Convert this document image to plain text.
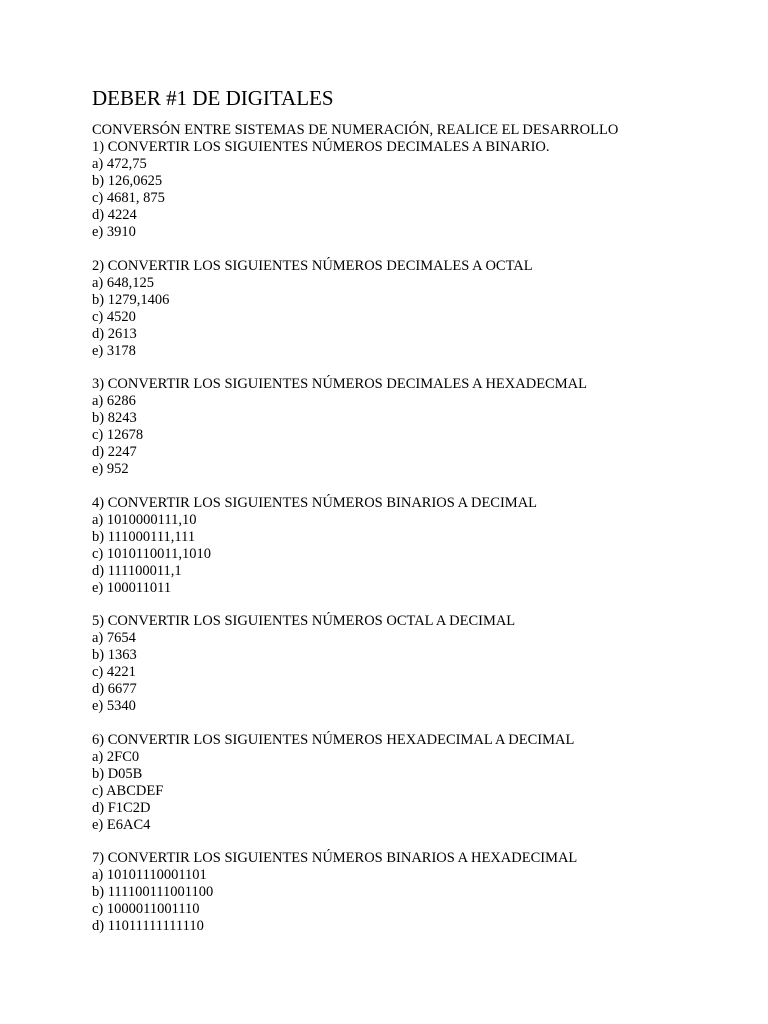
DEBER #1 DE DIGITALES
CONVERSÓN ENTRE SISTEMAS DE NUMERACIÓN, REALICE EL DESARROLLO
1) CONVERTIR LOS SIGUIENTES NÚMEROS DECIMALES A BINARIO.
a) 472,75
b) 126,0625
c) 4681, 875
d) 4224
e) 3910
2) CONVERTIR LOS SIGUIENTES NÚMEROS DECIMALES A OCTAL
a) 648,125
b) 1279,1406
c) 4520
d) 2613
e) 3178
3) CONVERTIR LOS SIGUIENTES NÚMEROS DECIMALES A HEXADECMAL
a) 6286
b) 8243
c) 12678
d) 2247
e) 952
4) CONVERTIR LOS SIGUIENTES NÚMEROS BINARIOS A DECIMAL
a) 1010000111,10
b) 111000111,111
c) 1010110011,1010
d) 111100011,1
e) 100011011
5) CONVERTIR LOS SIGUIENTES NÚMEROS OCTAL A DECIMAL
a) 7654
b) 1363
c) 4221
d) 6677
e) 5340
6) CONVERTIR LOS SIGUIENTES NÚMEROS HEXADECIMAL A DECIMAL
a) 2FC0
b) D05B
c) ABCDEF
d) F1C2D
e) E6AC4
7) CONVERTIR LOS SIGUIENTES NÚMEROS BINARIOS A HEXADECIMAL
a) 10101110001101
b) 111100111001100
c) 1000011001110
d) 11011111111110
